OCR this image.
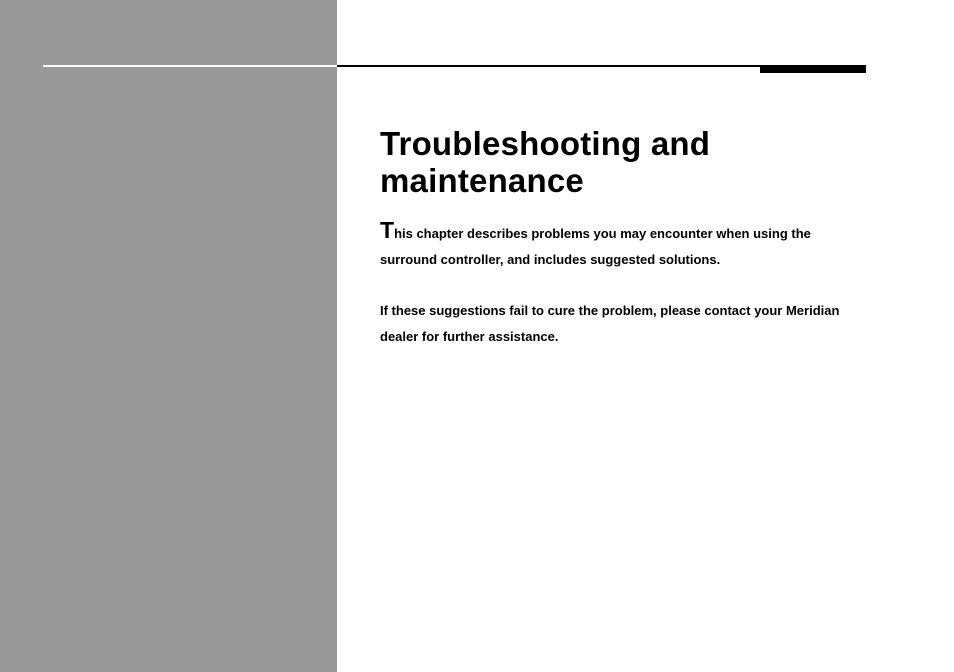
Troubleshooting and maintenance

This chapter describes problems you may encounter when using the surround controller, and includes suggested solutions.

If these suggestions fail to cure the problem, please contact your Meridian dealer for further assistance.
